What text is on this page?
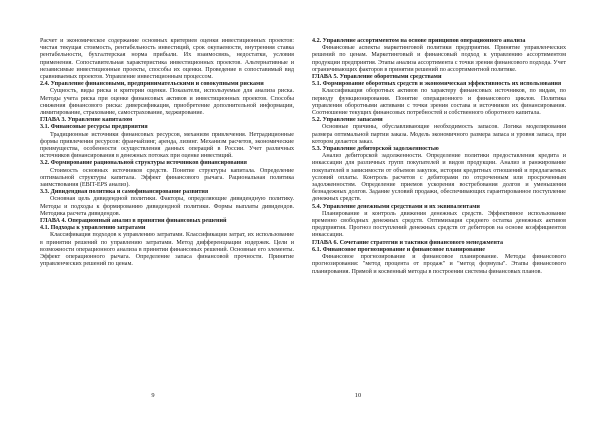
Расчет и экономическое содержание основных критериев оценки инвестиционных проектов: чистая текущая стоимость, рентабельность инвестиций, срок окупаемости, внутренняя ставка рентабельности, бухгалтерская норма прибыли. Их взаимосвязь, недостатки, условия применения. Сопоставительная характеристика инвестиционных проектов. Альтернативные и независимые инвестиционные проекты, способы их оценки. Проведение в сопоставимый вид сравниваемых проектов. Управление инвестиционным процессом.

2.4. Управление финансовыми, предпринимательскими и совокупными рисками

Сущность, виды риска и критерии оценки. Показатели, используемые для анализа риска. Методы учета риска при оценке финансовых активов и инвестиционных проектов. Способы снижения финансового риска: диверсификация, приобретение дополнительной информации, лимитирование, страхование, самострахование, хеджирование.

ГЛАВА 3. Управление капиталом
3.1. Финансовые ресурсы предприятия

Традиционные источники финансовых ресурсов, механизм привлечения. Нетрадиционные формы привлечения ресурсов: франчайзинг, аренда, лизинг. Механизм расчетов, экономические преимущества, особенности осуществления данных операций в России. Учет различных источников финансирования в денежных потоках при оценке инвестиций.

3.2. Формирование рациональной структуры источников финансирования

Стоимость основных источников средств. Понятие структуры капитала. Определение оптимальной структуры капитала. Эффект финансового рычага. Рациональная политика заимствования (EBIT-EPS анализ).

3.3. Дивидендная политика и самофинансирование развития

Основная цель дивидендной политики. Факторы, определяющие дивидендную политику. Методы и подходы к формированию дивидендной политики. Формы выплаты дивидендов. Методика расчета дивидендов.

ГЛАВА 4. Операционный анализ в принятии финансовых решений
4.1. Подходы к управлению затратами

Классификация подходов к управлению затратами. Классификации затрат, их использование в принятии решений по управлению затратами. Метод дифференциации издержек. Цели и возможности операционного анализа в принятии финансовых решений. Основные его элементы. Эффект операционного рычага. Определение запаса финансовой прочности. Принятие управленческих решений по ценам.

9
4.2. Управление ассортиментом на основе принципов операционного анализа

Финансовые аспекты маркетинговой политики предприятия. Принятие управленческих решений по ценам. Маркетинговый и финансовый подход к управлению ассортиментом продукции предприятия. Этапы анализа ассортимента с точки зрения финансового подхода. Учет ограничивающих факторов в принятии решений по ассортиментной политике.

ГЛАВА 5. Управление оборотными средствами
5.1. Формирование оборотных средств и экономическая эффективность их использования

Классификация оборотных активов по характеру финансовых источников, по видам, по периоду функционирования. Понятие операционного и финансового циклов. Политика управления оборотными активами с точки зрения состава и источников их финансирования. Соотношение текущих финансовых потребностей и собственного оборотного капитала.

5.2. Управление запасами

Основные причины, обуславливающие необходимость запасов. Логика моделирования размера оптимальной партии заказа. Модель экономичного размера запаса и уровня запаса, при котором делается заказ.

5.3. Управление дебиторской задолженностью

Анализ дебиторской задолженности. Определение политики предоставления кредита и инкассации для различных групп покупателей и видов продукции. Анализ и ранжирование покупателей в зависимости от объемов закупок, истории кредитных отношений и предлагаемых условий оплаты. Контроль расчетов с дебиторами по отсроченным или просроченным задолженностям. Определение приемов ускорения востребования долгов и уменьшения безнадежных долгов. Задание условий продажи, обеспечивающих гарантированное поступление денежных средств.

5.4. Управление денежными средствами и их эквивалентами

Планирование и контроль движения денежных средств. Эффективное использование временно свободных денежных средств. Оптимизация среднего остатка денежных активов предприятия. Прогноз поступлений денежных средств от дебиторов на основе коэффициентов инкассации.

ГЛАВА 6. Сочетание стратегии и тактики финансового менеджмента
6.1. Финансовое прогнозирование и финансовое планирование

Финансовое прогнозирование и финансовое планирование. Методы финансового прогнозирования: "метод процента от продаж" и "метод формулы". Этапы финансового планирования. Прямой и косвенный методы в построении системы финансовых планов.

10
